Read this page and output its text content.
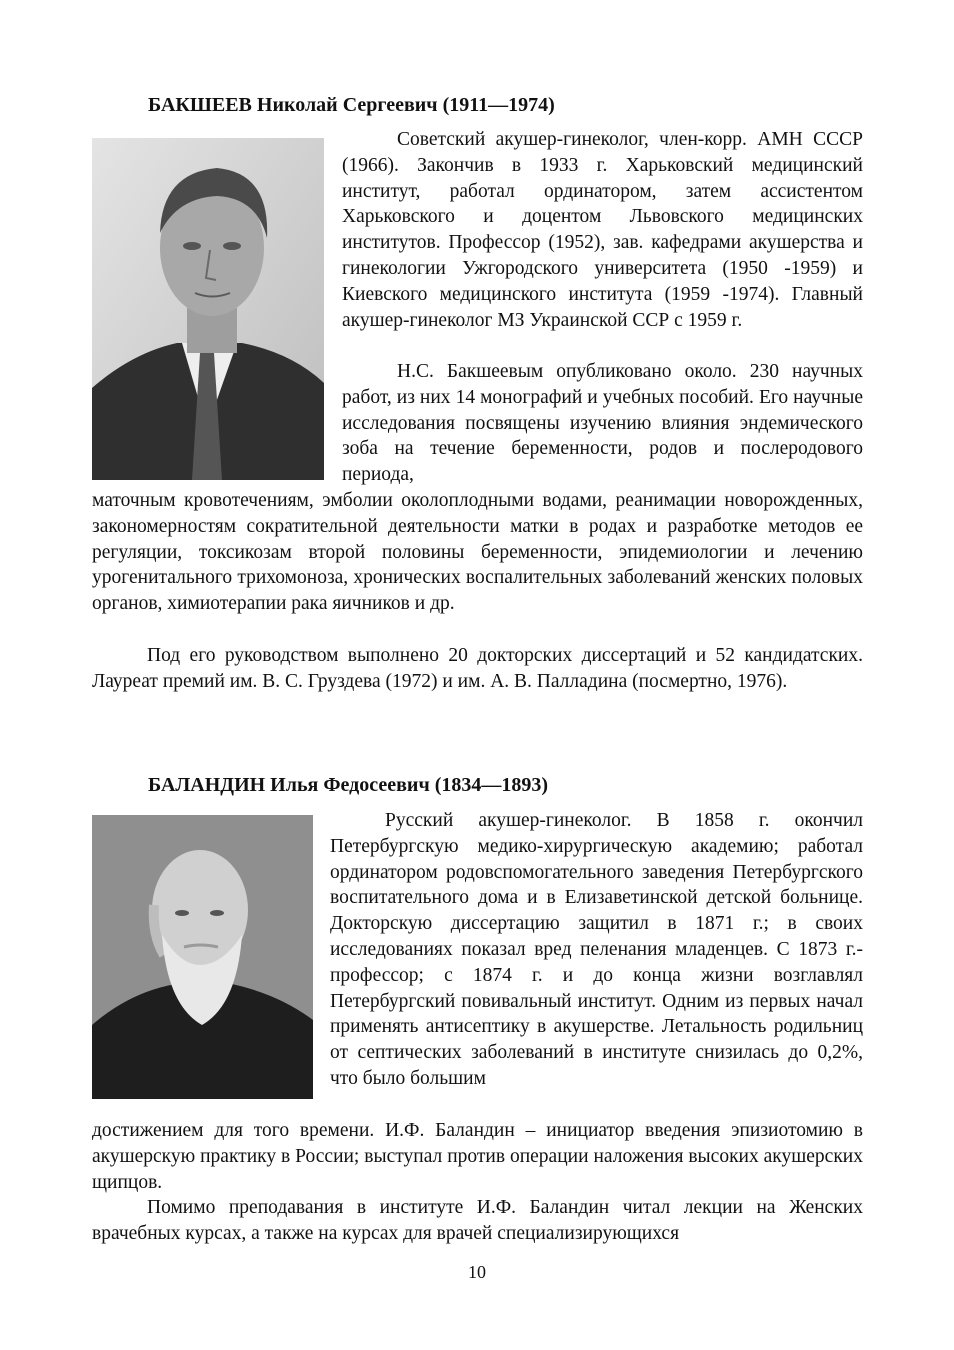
БАКШЕЕВ Николай Сергеевич (1911—1974)
Советский акушер-гинеколог, член-корр. АМН СССР (1966). Закончив в 1933 г. Харьковский медицинский институт, работал ординатором, затем ассистентом Харьковского и доцентом Львовского медицинских институтов. Профессор (1952), зав. кафедрами акушерства и гинекологии Ужгородского университета (1950 -1959) и Киевского медицинского института (1959 -1974). Главный акушер-гинеколог МЗ Украинской ССР с 1959 г.
Н.С. Бакшеевым опубликовано около. 230 научных работ, из них 14 монографий и учебных пособий. Его научные исследования посвящены изучению влияния эндемического зоба на течение беременности, родов и послеродового периода,
маточным кровотечениям, эмболии околоплодными водами, реанимации новорожденных, закономерностям сократительной деятельности матки в родах и разработке методов ее регуляции, токсикозам второй половины беременности, эпидемиологии и лечению урогенитального трихомоноза, хронических воспалительных заболеваний женских половых органов, химиотерапии рака яичников и др.
Под его руководством выполнено 20 докторских диссертаций и 52 кандидатских. Лауреат премий им. В. С. Груздева (1972) и им. А. В. Палладина (посмертно, 1976).
БАЛАНДИН Илья Федосеевич (1834—1893)
Русский акушер-гинеколог. В 1858 г. окончил Петербургскую медико-хирургическую академию; работал ординатором родовспомогательного заведения Петербургского воспитательного дома и в Елизаветинской детской больнице. Докторскую диссертацию защитил в 1871 г.; в своих исследованиях показал вред пеленания младенцев. С 1873 г.-профессор; с 1874 г. и до конца жизни возглавлял Петербургский повивальный институт. Одним из первых начал применять антисептику в акушерстве. Летальность родильниц от септических заболеваний в институте снизилась до 0,2%, что было большим
достижением для того времени. И.Ф. Баландин – инициатор введения эпизиотомию в акушерскую практику в России; выступал против операции наложения высоких акушерских щипцов.
Помимо преподавания в институте И.Ф. Баландин читал лекции на Женских врачебных курсах, а также на курсах для врачей специализирующихся
10
